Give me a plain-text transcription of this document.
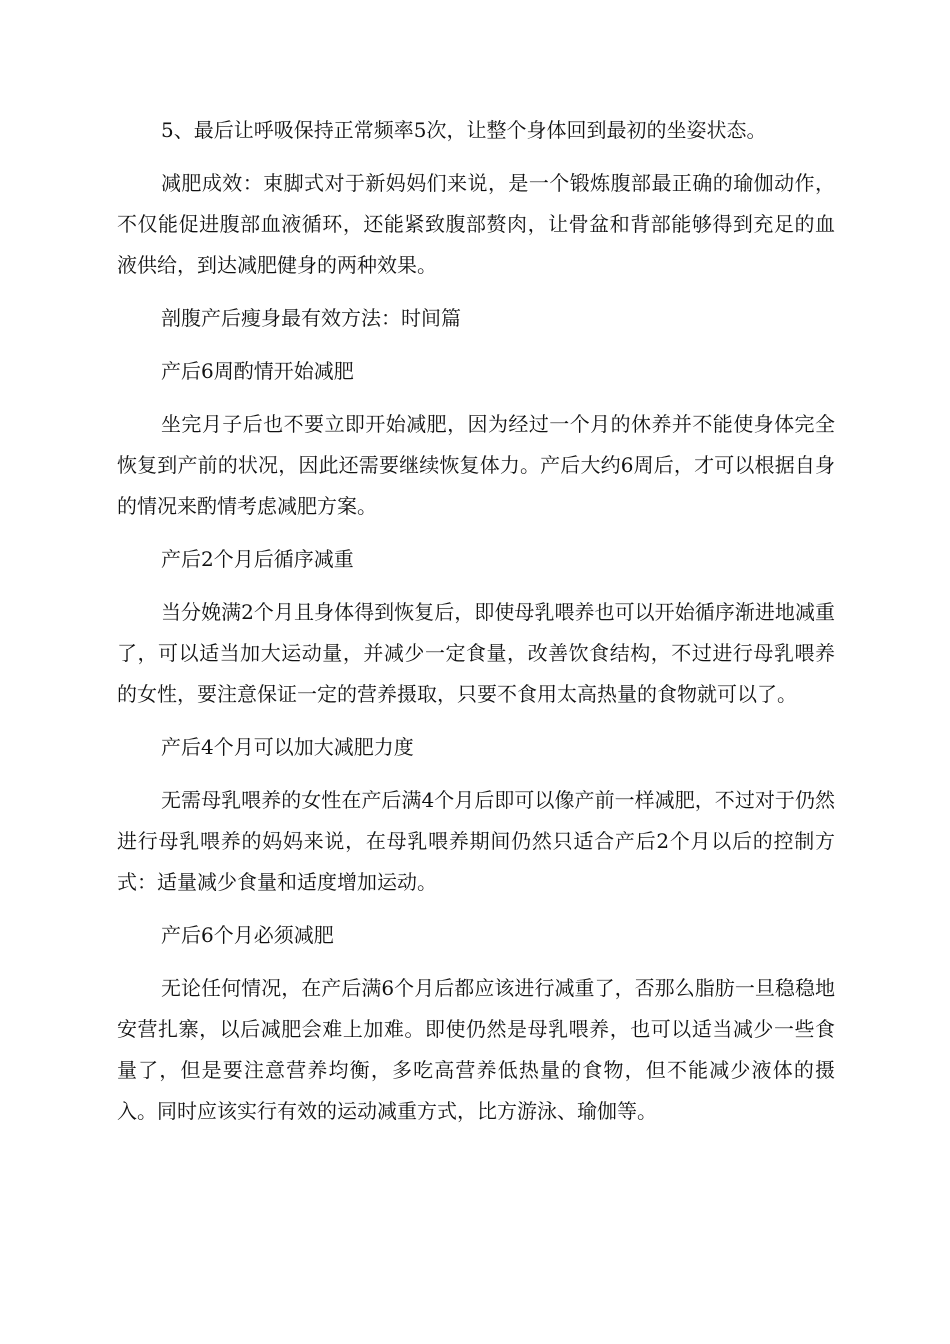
5、最后让呼吸保持正常频率5次，让整个身体回到最初的坐姿状态。

减肥成效：束脚式对于新妈妈们来说，是一个锻炼腹部最正确的瑜伽动作，不仅能促进腹部血液循环，还能紧致腹部赘肉，让骨盆和背部能够得到充足的血液供给，到达减肥健身的两种效果。

剖腹产后瘦身最有效方法：时间篇

产后6周酌情开始减肥

坐完月子后也不要立即开始减肥，因为经过一个月的休养并不能使身体完全恢复到产前的状况，因此还需要继续恢复体力。产后大约6周后，才可以根据自身的情况来酌情考虑减肥方案。

产后2个月后循序减重

当分娩满2个月且身体得到恢复后，即使母乳喂养也可以开始循序渐进地减重了，可以适当加大运动量，并减少一定食量，改善饮食结构，不过进行母乳喂养的女性，要注意保证一定的营养摄取，只要不食用太高热量的食物就可以了。

产后4个月可以加大减肥力度

无需母乳喂养的女性在产后满4个月后即可以像产前一样减肥，不过对于仍然进行母乳喂养的妈妈来说，在母乳喂养期间仍然只适合产后2个月以后的控制方式：适量减少食量和适度增加运动。

产后6个月必须减肥

无论任何情况，在产后满6个月后都应该进行减重了，否那么脂肪一旦稳稳地安营扎寨，以后减肥会难上加难。即使仍然是母乳喂养，也可以适当减少一些食量了，但是要注意营养均衡，多吃高营养低热量的食物，但不能减少液体的摄入。同时应该实行有效的运动减重方式，比方游泳、瑜伽等。
